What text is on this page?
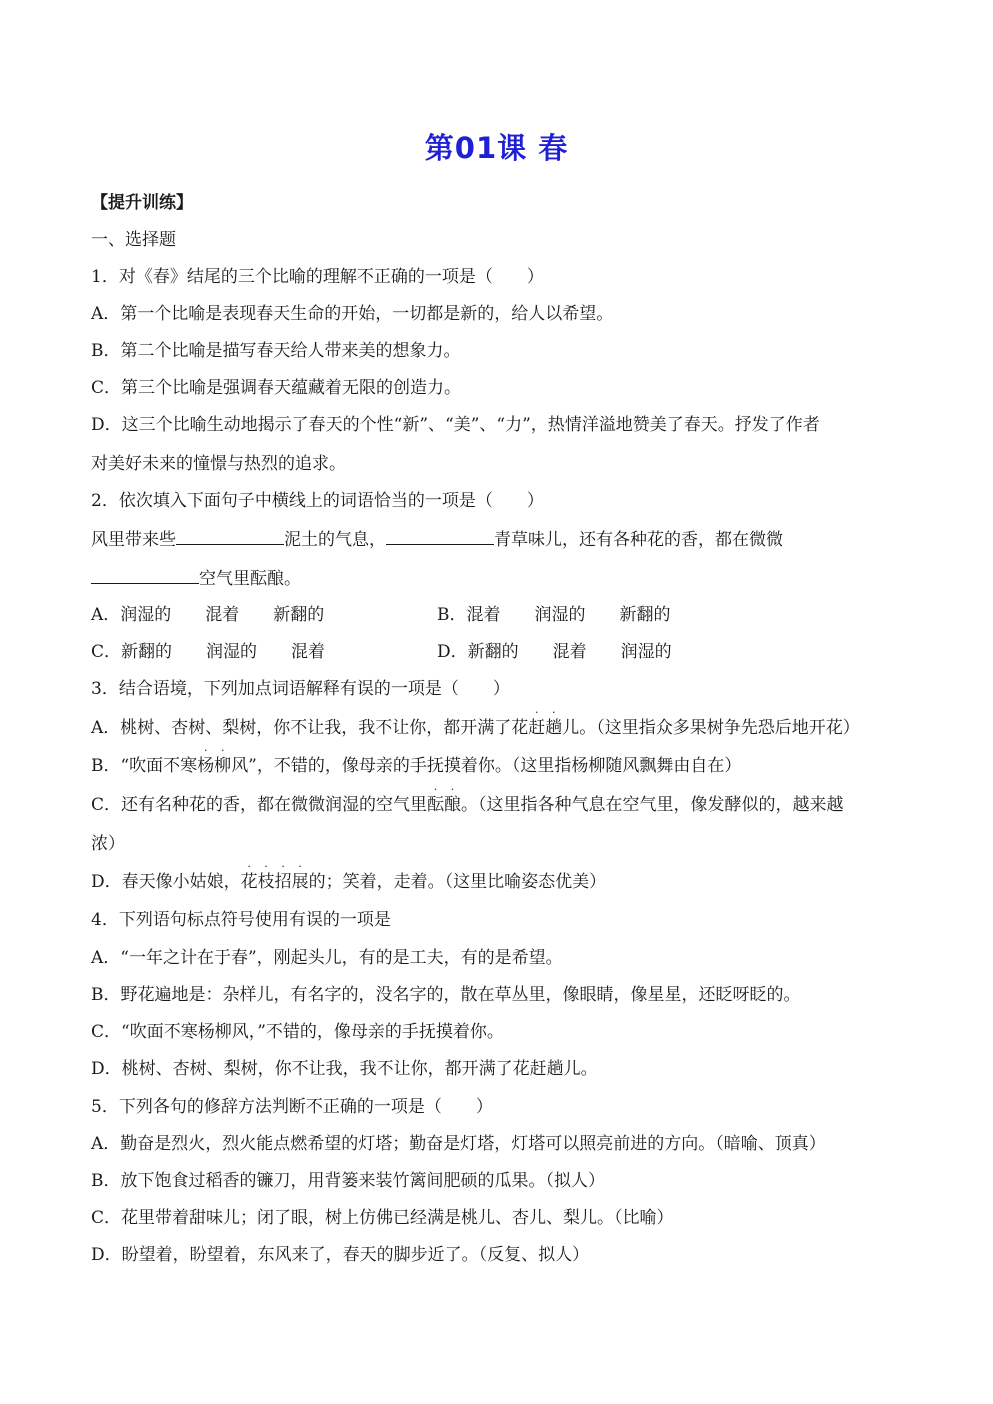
第01课 春
【提升训练】
一、选择题
1．对《春》结尾的三个比喻的理解不正确的一项是（　　）
A．第一个比喻是表现春天生命的开始，一切都是新的，给人以希望。
B．第二个比喻是描写春天给人带来美的想象力。
C．第三个比喻是强调春天蕴藏着无限的创造力。
D．这三个比喻生动地揭示了春天的个性“新”、“美”、“力”，热情洋溢地赞美了春天。抒发了作者
对美好未来的憧憬与热烈的追求。
2．依次填入下面句子中横线上的词语恰当的一项是（　　）
风里带来些	泥土的气息，	青草味儿，还有各种花的香，都在微微
空气里酝酿。
A．润湿的　　混着　　新翻的	B．混着　　润湿的　　新翻的
C．新翻的　　润湿的　　混着	D．新翻的　　混着　　润湿的
3．结合语境，下列加点词语解释有误的一项是（　　）
A．桃树、杏树、梨树，你不让我，我不让你，都开满了花
· ·
赶趟儿。（这里指众多果树争先恐后地开花）
B．“吹面不寒
· ·
杨柳风”，不错的，像母亲的手抚摸着你。（这里指杨柳随风飘舞由自在）
C．还有名种花的香，都在微微润湿的空气里
· ·
酝酿。（这里指各种气息在空气里，像发酵似的，越来越
浓）
D．春天像小姑娘，
· · · ·
花枝招展的；笑着，走着。（这里比喻姿态优美）
4．下列语句标点符号使用有误的一项是
A．“一年之计在于春”，刚起头儿，有的是工夫，有的是希望。
B．野花遍地是：杂样儿，有名字的，没名字的，散在草丛里，像眼睛，像星星，还眨呀眨的。
C．“吹面不寒杨柳风，”不错的，像母亲的手抚摸着你。
D．桃树、杏树、梨树，你不让我，我不让你，都开满了花赶趟儿。
5．下列各句的修辞方法判断不正确的一项是（　　）
A．勤奋是烈火，烈火能点燃希望的灯塔；勤奋是灯塔，灯塔可以照亮前进的方向。（暗喻、顶真）
B．放下饱食过稻香的镰刀，用背篓来装竹篱间肥硕的瓜果。（拟人）
C．花里带着甜味儿；闭了眼，树上仿佛已经满是桃儿、杏儿、梨儿。（比喻）
D．盼望着，盼望着，东风来了，春天的脚步近了。（反复、拟人）
